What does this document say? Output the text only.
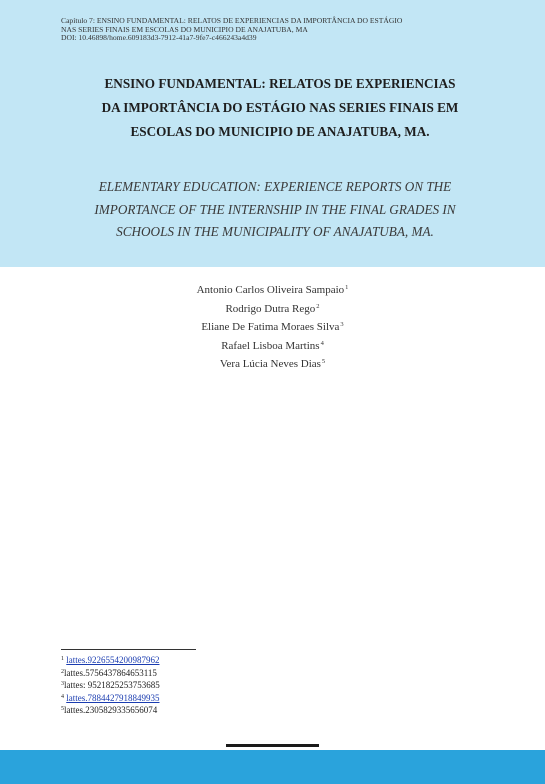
Capítulo 7: ENSINO FUNDAMENTAL: RELATOS DE EXPERIENCIAS DA IMPORTÂNCIA DO ESTÁGIO
NAS SERIES FINAIS EM ESCOLAS DO MUNICIPIO DE ANAJATUBA, MA
DOI: 10.46898/home.609183d3-7912-41a7-9fe7-c466243a4d39
ENSINO FUNDAMENTAL: RELATOS DE EXPERIENCIAS
DA IMPORTÂNCIA DO ESTÁGIO NAS SERIES FINAIS EM
ESCOLAS DO MUNICIPIO DE ANAJATUBA, MA.
ELEMENTARY EDUCATION: EXPERIENCE REPORTS ON THE
IMPORTANCE OF THE INTERNSHIP IN THE FINAL GRADES IN
SCHOOLS IN THE MUNICIPALITY OF ANAJATUBA, MA.
Antonio Carlos Oliveira Sampaio$^1$
Rodrigo Dutra Rego$^2$
Eliane De Fatima Moraes Silva$^3$
Rafael Lisboa Martins$^4$
Vera Lúcia Neves Dias$^5$
$^1$ lattes.9226554200987962
$^2$lattes.5756437864653115
$^3$lattes: 9521825253753685
$^4$ lattes.7884427918849935
$^5$lattes.2305829335656074
